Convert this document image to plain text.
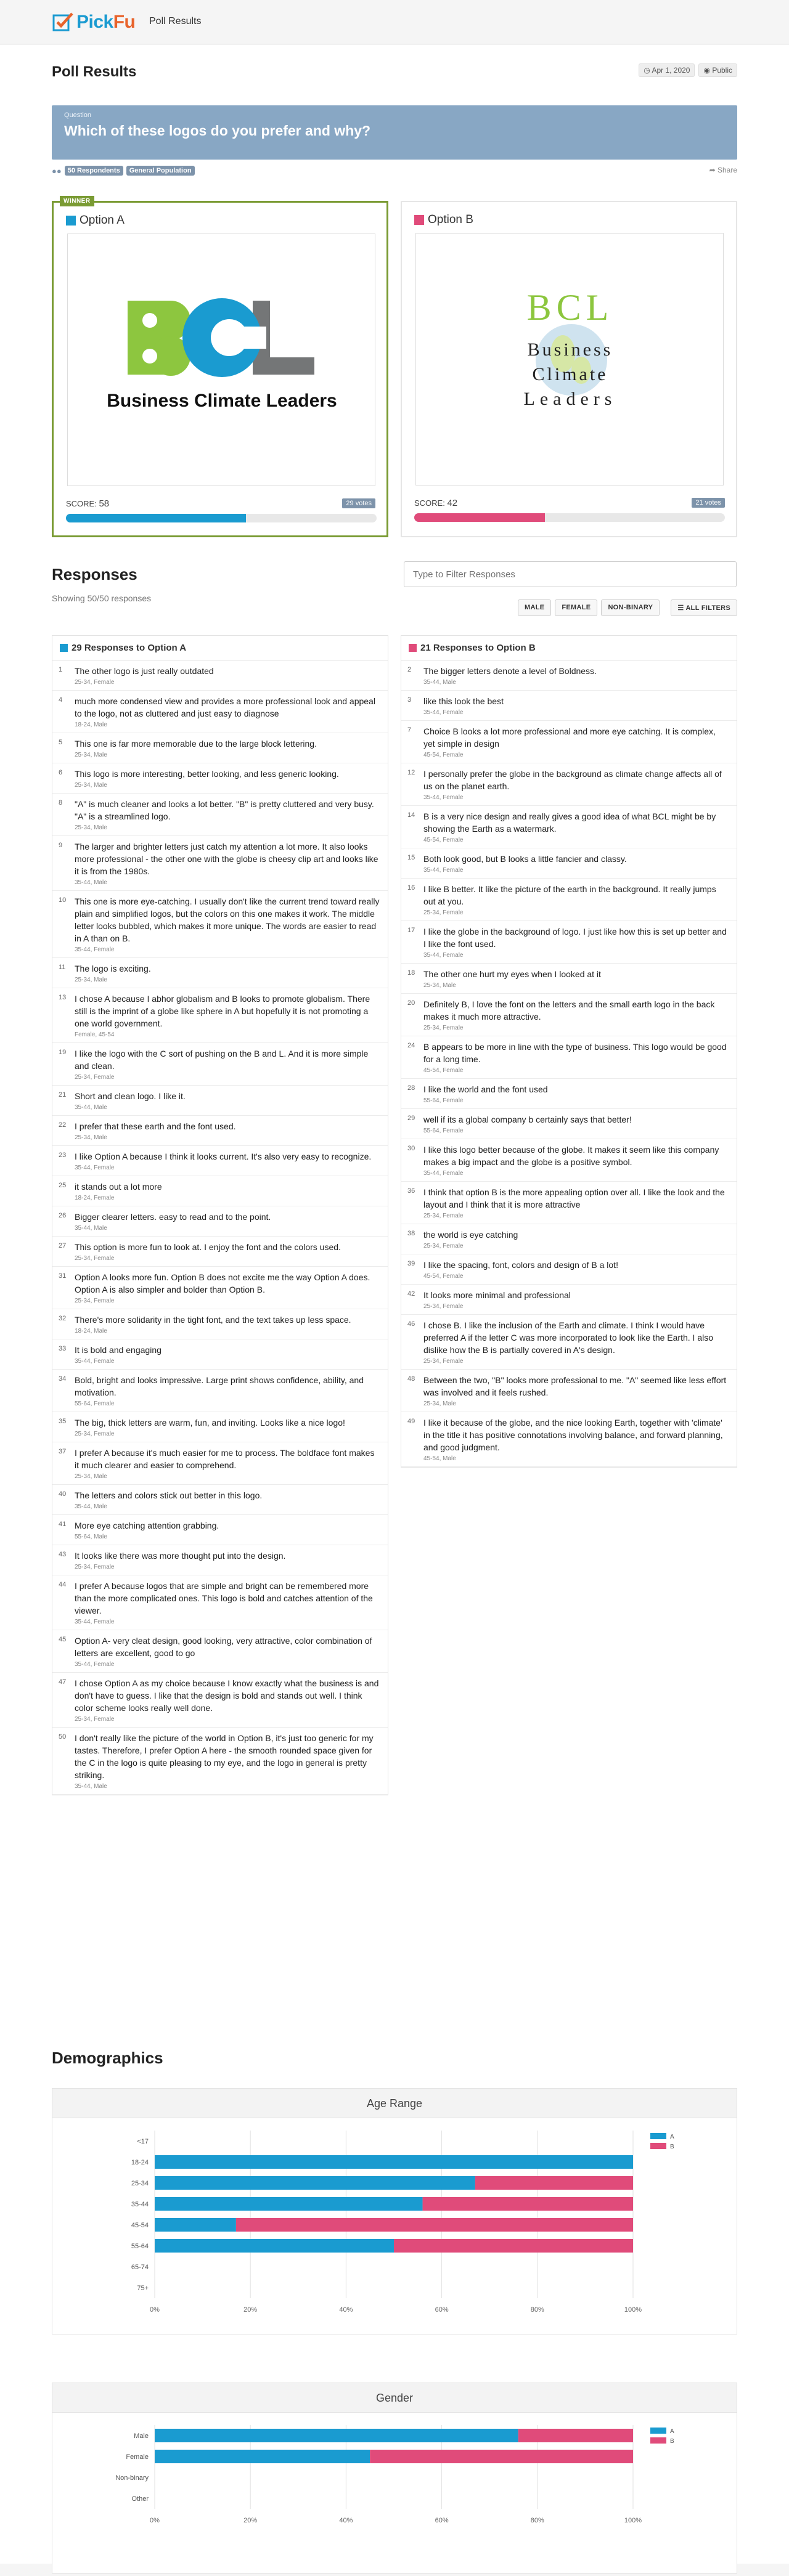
PickFu Poll Results
Poll Results	◷ Apr 1, 2020	◉ Public
Question
Which of these logos do you prefer and why?
●● 50 Respondents	General Population	➦ Share
WINNER
Option A
Business Climate Leaders
SCORE: 58	29 votes
Option B
BCL
Business
Climate
Leaders
SCORE: 42	21 votes
Responses
Showing 50/50 responses
Type to Filter Responses
MALE	FEMALE	NON-BINARY	☰ ALL FILTERS
29 Responses to Option A
1	The other logo is just really outdated
25-34, Female
4	much more condensed view and provides a more professional look and appeal to the logo, not as cluttered and just easy to diagnose
18-24, Male
5	This one is far more memorable due to the large block lettering.
25-34, Male
6	This logo is more interesting, better looking, and less generic looking.
25-34, Male
8	"A" is much cleaner and looks a lot better. "B" is pretty cluttered and very busy. "A" is a streamlined logo.
25-34, Male
9	The larger and brighter letters just catch my attention a lot more. It also looks more professional - the other one with the globe is cheesy clip art and looks like it is from the 1980s.
35-44, Male
10 This one is more eye-catching. I usually don't like the current trend toward really plain and simplified logos, but the colors on this one makes it work. The middle letter looks bubbled, which makes it more unique. The words are easier to read in A than on B.
35-44, Female
11	The logo is exciting.
25-34, Male
13 I chose A because I abhor globalism and B looks to promote globalism. There still is the imprint of a globe like sphere in A but hopefully it is not promoting a one world government.
Female, 45-54
19 I like the logo with the C sort of pushing on the B and L. And it is more simple and clean.
25-34, Female
21 Short and clean logo. I like it.
35-44, Male
22 I prefer that these earth and the font used.
25-34, Male
23 I like Option A because I think it looks current. It's also very easy to recognize.
35-44, Female
25 it stands out a lot more
18-24, Female
26 Bigger clearer letters. easy to read and to the point.
35-44, Male
27 This option is more fun to look at. I enjoy the font and the colors used.
25-34, Female
31 Option A looks more fun. Option B does not excite me the way Option A does. Option A is also simpler and bolder than Option B.
25-34, Female
32 There's more solidarity in the tight font, and the text takes up less space.
18-24, Male
33 It is bold and engaging
35-44, Female
34 Bold, bright and looks impressive. Large print shows confidence, ability, and motivation.
55-64, Female
35 The big, thick letters are warm, fun, and inviting. Looks like a nice logo!
25-34, Female
37 I prefer A because it's much easier for me to process. The boldface font makes it much clearer and easier to comprehend.
25-34, Male
40 The letters and colors stick out better in this logo.
35-44, Male
41 More eye catching attention grabbing.
55-64, Male
43 It looks like there was more thought put into the design.
25-34, Female
44 I prefer A because logos that are simple and bright can be remembered more than the more complicated ones. This logo is bold and catches attention of the viewer.
35-44, Female
45 Option A- very cleat design, good looking, very attractive, color combination of letters are excellent, good to go
35-44, Female
47 I chose Option A as my choice because I know exactly what the business is and don't have to guess. I like that the design is bold and stands out well. I think color scheme looks really well done.
25-34, Female
50 I don't really like the picture of the world in Option B, it's just too generic for my tastes. Therefore, I prefer Option A here - the smooth rounded space given for the C in the logo is quite pleasing to my eye, and the logo in general is pretty striking.
35-44, Male
21 Responses to Option B
2	The bigger letters denote a level of Boldness.
35-44, Male
3	like this look the best
35-44, Female
7	Choice B looks a lot more professional and more eye catching. It is complex, yet simple in design
45-54, Female
12 I personally prefer the globe in the background as climate change affects all of us on the planet earth.
35-44, Female
14 B is a very nice design and really gives a good idea of what BCL might be by showing the Earth as a watermark.
45-54, Female
15 Both look good, but B looks a little fancier and classy.
35-44, Female
16 I like B better. It like the picture of the earth in the background. It really jumps out at you.
25-34, Female
17 I like the globe in the background of logo. I just like how this is set up better and I like the font used.
35-44, Female
18 The other one hurt my eyes when I looked at it
25-34, Male
20 Definitely B, I love the font on the letters and the small earth logo in the back makes it much more attractive.
25-34, Female
24 B appears to be more in line with the type of business. This logo would be good for a long time.
45-54, Female
28 I like the world and the font used
55-64, Female
29 well if its a global company b certainly says that better!
55-64, Female
30 I like this logo better because of the globe. It makes it seem like this company makes a big impact and the globe is a positive symbol.
35-44, Female
36 I think that option B is the more appealing option over all. I like the look and the layout and I think that it is more attractive
25-34, Female
38 the world is eye catching
25-34, Female
39 I like the spacing, font, colors and design of B a lot!
45-54, Female
42 It looks more minimal and professional
25-34, Female
46 I chose B. I like the inclusion of the Earth and climate. I think I would have preferred A if the letter C was more incorporated to look like the Earth. I also dislike how the B is partially covered in A's design.
25-34, Female
48 Between the two, "B" looks more professional to me. "A" seemed like less effort was involved and it feels rushed.
25-34, Male
49 I like it because of the globe, and the nice looking Earth, together with 'climate' in the title it has positive connotations involving balance, and forward planning, and good judgment.
45-54, Male
Demographics
Age Range
0%	20%	40%	60%	80%	100%
<17
18-24
25-34
35-44
45-54
55-64
65-74
75+
A
B
Gender
0%	20%	40%	60%	80%	100%
Male
Female
Non-binary
Other
A
B
